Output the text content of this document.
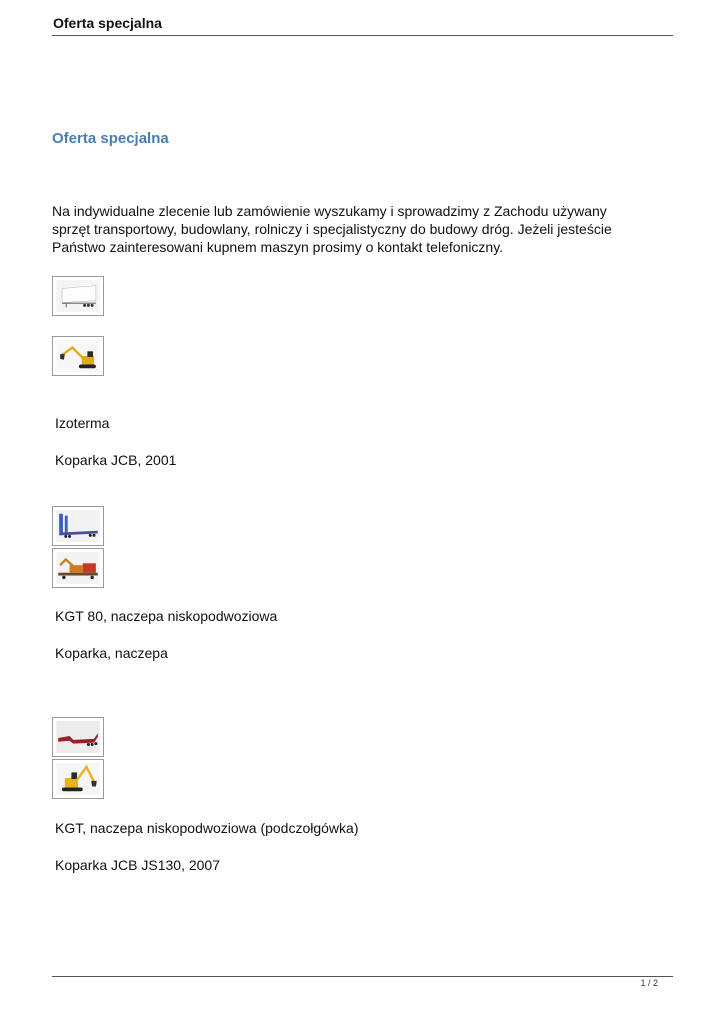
Oferta specjalna
Oferta specjalna
Na indywidualne zlecenie lub zamówienie wyszukamy i sprowadzimy z Zachodu używany
sprzęt transportowy, budowlany, rolniczy i specjalistyczny do budowy dróg. Jeżeli jesteście
Państwo zainteresowani kupnem maszyn prosimy o kontakt telefoniczny.
Izoterma
Koparka JCB, 2001
KGT 80, naczepa niskopodwoziowa
Koparka, naczepa
KGT, naczepa niskopodwoziowa (podczołgówka)
Koparka JCB JS130, 2007
1 / 2
